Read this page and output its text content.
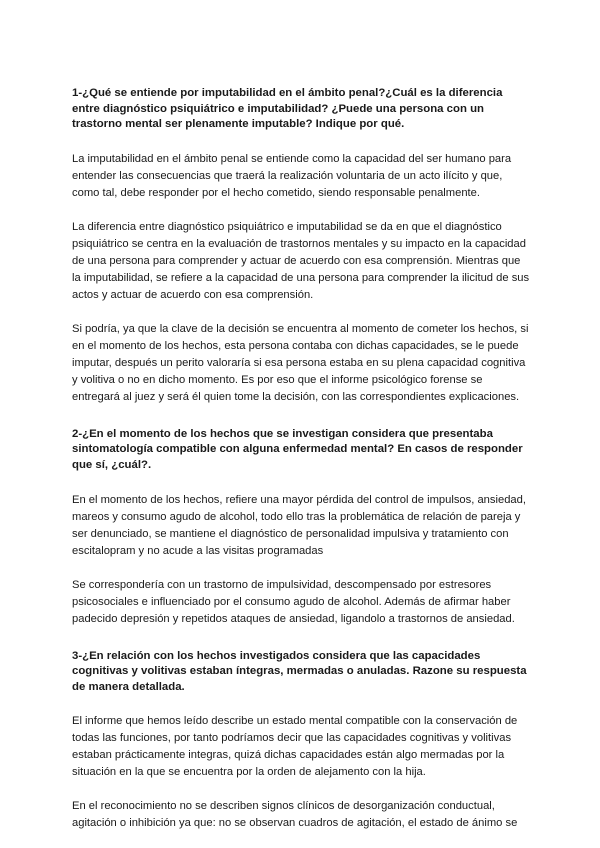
1-¿Qué se entiende por imputabilidad en el ámbito penal?¿Cuál es la diferencia entre diagnóstico psiquiátrico e imputabilidad? ¿Puede una persona con un trastorno mental ser plenamente imputable? Indique por qué.

La imputabilidad en el ámbito penal se entiende como la capacidad del ser humano para entender las consecuencias que traerá la realización voluntaria de un acto ilícito y que, como tal, debe responder por el hecho cometido, siendo responsable penalmente.

La diferencia entre diagnóstico psiquiátrico e imputabilidad se da en que el diagnóstico psiquiátrico se centra en la evaluación de trastornos mentales y su impacto en la capacidad de una persona para comprender y actuar de acuerdo con esa comprensión. Mientras que la imputabilidad, se refiere a la capacidad de una persona para comprender la ilicitud de sus actos y actuar de acuerdo con esa comprensión.

Si podría, ya que la clave de la decisión se encuentra al momento de cometer los hechos, si en el momento de los hechos, esta persona contaba con dichas capacidades, se le puede imputar, después un perito valoraría si esa persona estaba en su plena capacidad cognitiva y volitiva o no en dicho momento. Es por eso que el informe psicológico forense se entregará al juez y será él quien tome la decisión, con las correspondientes explicaciones.

2-¿En el momento de los hechos que se investigan considera que presentaba sintomatología compatible con alguna enfermedad mental? En casos de responder que sí, ¿cuál?.

En el momento de los hechos, refiere una mayor pérdida del control de impulsos, ansiedad, mareos y consumo agudo de alcohol, todo ello tras la problemática de relación de pareja y ser denunciado, se mantiene el diagnóstico de personalidad impulsiva y tratamiento con escitalopram y no acude a las visitas programadas

Se correspondería con un trastorno de impulsividad, descompensado por estresores psicosociales e influenciado por el consumo agudo de alcohol. Además de afirmar haber padecido depresión y repetidos ataques de ansiedad, ligandolo a trastornos de ansiedad.

3-¿En relación con los hechos investigados considera que las capacidades cognitivas y volitivas estaban íntegras, mermadas o anuladas. Razone su respuesta de manera detallada.

El informe que hemos leído describe un estado mental compatible con la conservación de todas las funciones, por tanto podríamos decir que las capacidades cognitivas y volitivas estaban prácticamente integras, quizá dichas capacidades están algo mermadas por la situación en la que se encuentra por la orden de alejamento con la hija.

En el reconocimiento no se describen signos clínicos de desorganización conductual, agitación o inhibición ya que: no se observan cuadros de agitación, el estado de ánimo se
